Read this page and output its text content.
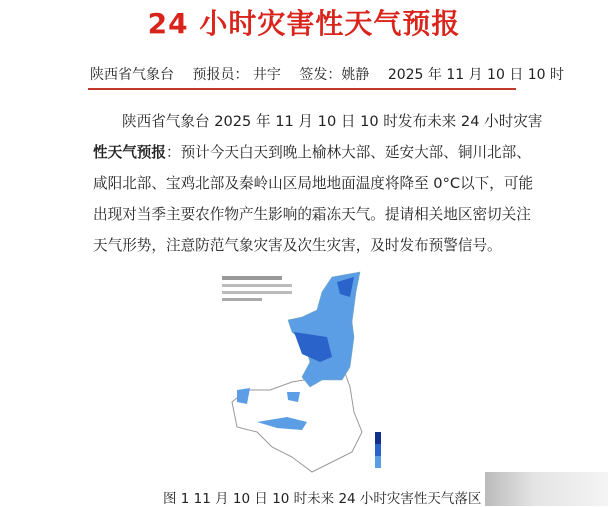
24 小时灾害性天气预报
陕西省气象台 预报员： 井宇 签发：姚静 2025 年 11 月 10 日 10 时
陕西省气象台 2025 年 11 月 10 日 10 时发布未来 24 小时灾害
性天气预报：预计今天白天到晚上榆林大部、延安大部、铜川北部、
咸阳北部、宝鸡北部及秦岭山区局地地面温度将降至 0°C以下，可能
出现对当季主要农作物产生影响的霜冻天气。提请相关地区密切关注
天气形势，注意防范气象灾害及次生灾害，及时发布预警信号。
图 1 11 月 10 日 10 时未来 24 小时灾害性天气落区
